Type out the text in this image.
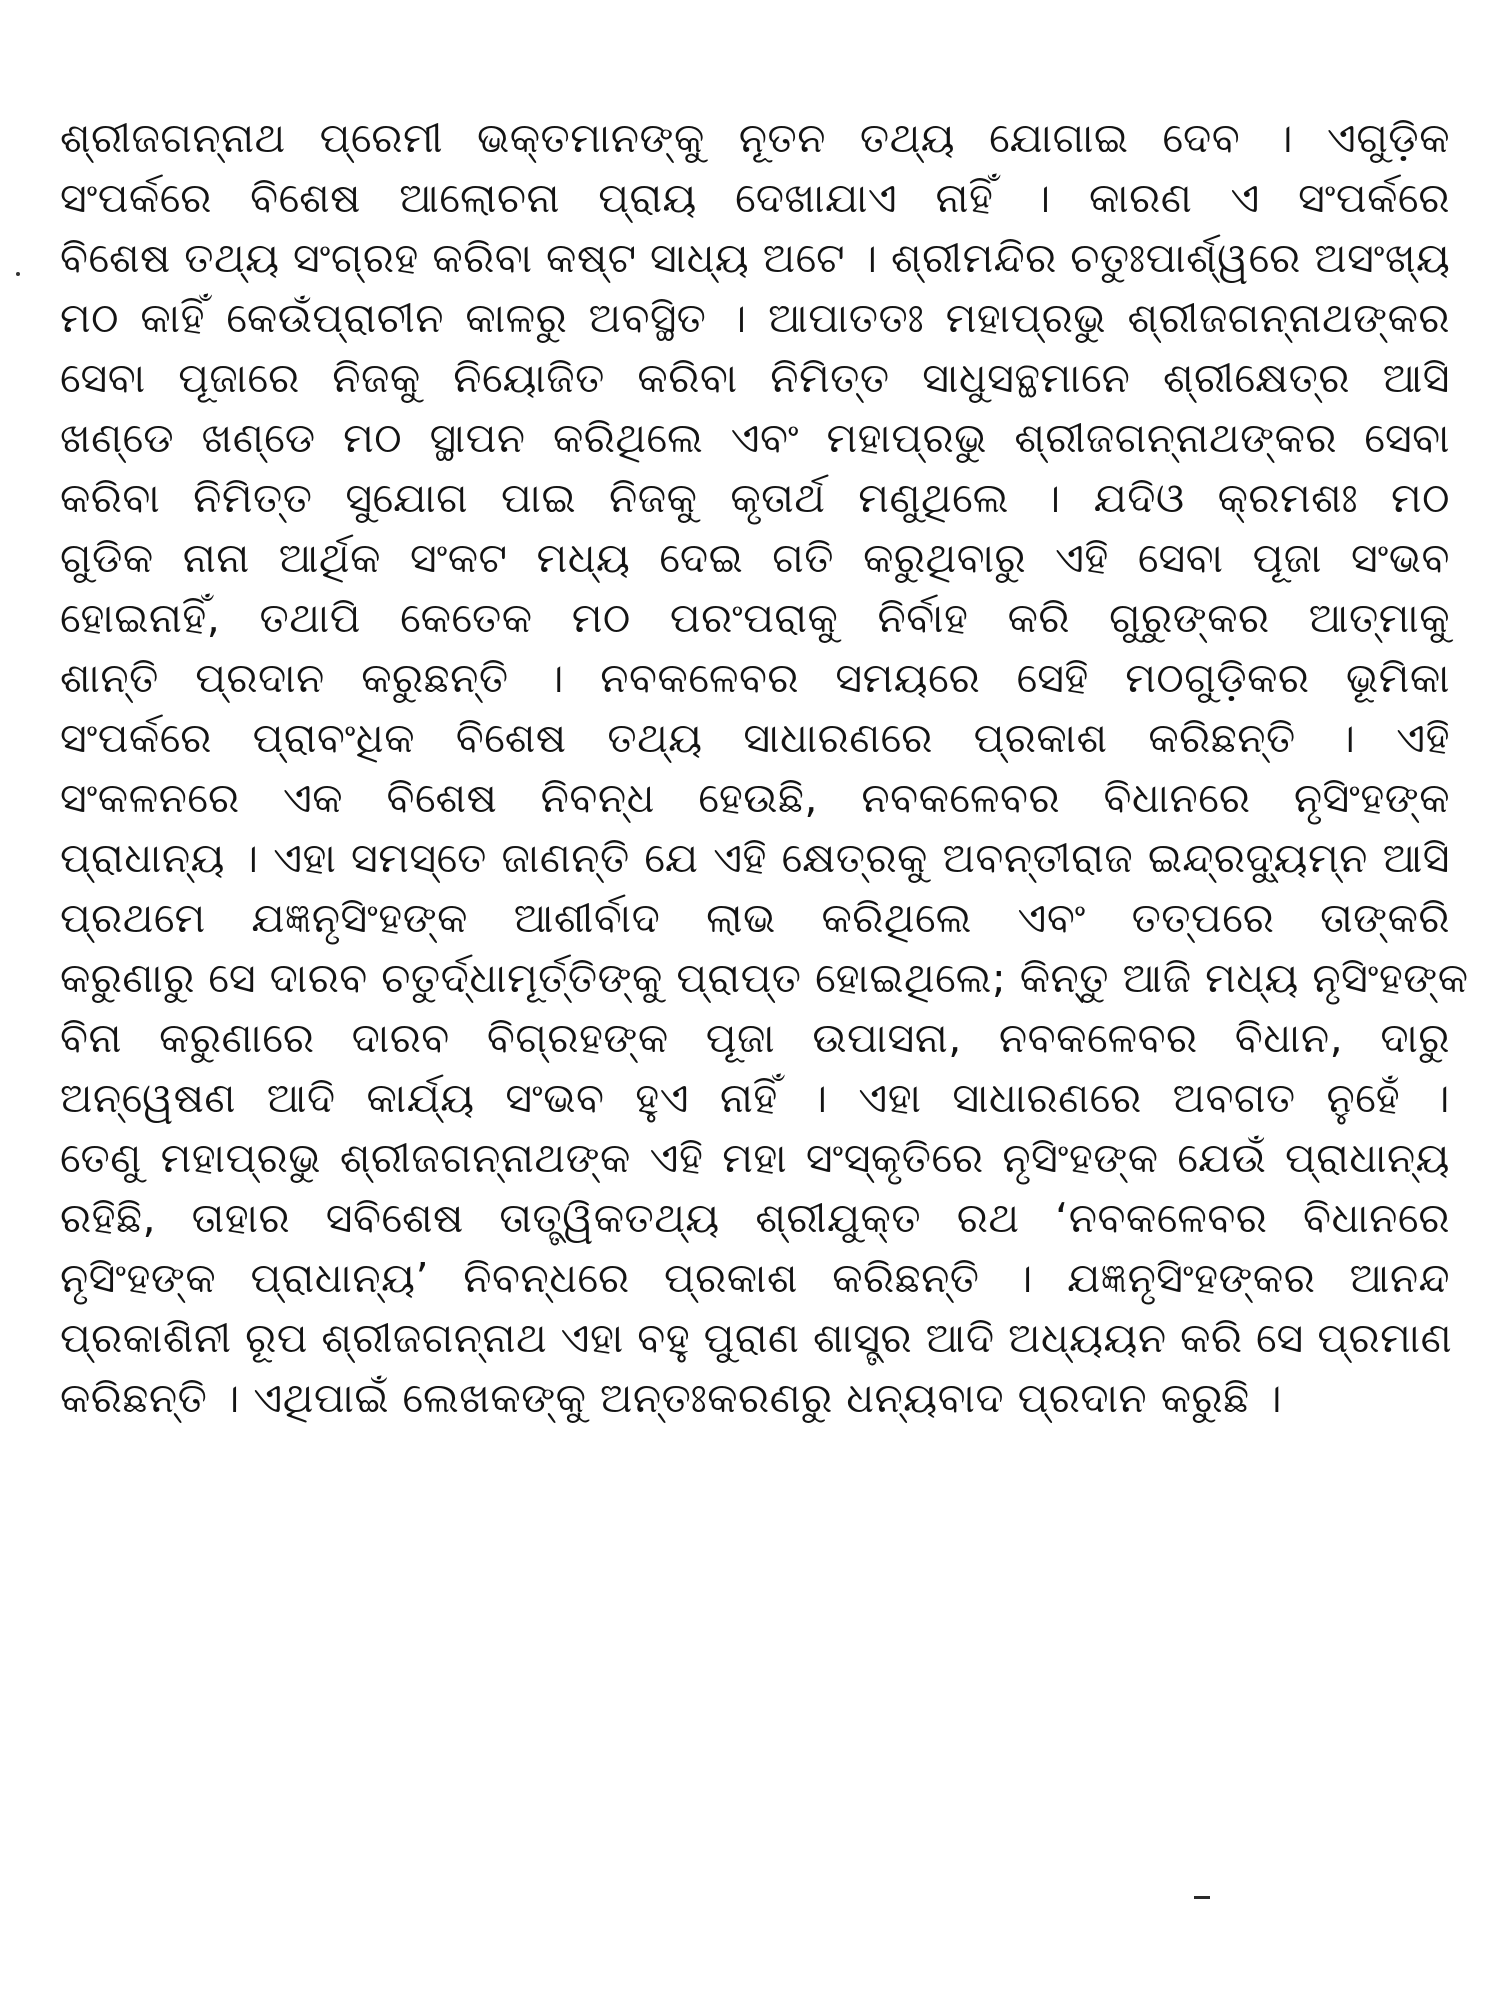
ଶ୍ରୀଜଗନ୍ନାଥ ପ୍ରେମୀ ଭକ୍ତମାନଙ୍କୁ ନୂତନ ତଥ୍ୟ ଯୋଗାଇ ଦେବ । ଏଗୁଡ଼ିକ
ସଂପର୍କରେ ବିଶେଷ ଆଲୋଚନା ପ୍ରାୟ ଦେଖାଯାଏ ନାହିଁ । କାରଣ ଏ ସଂପର୍କରେ
ବିଶେଷ ତଥ୍ୟ ସଂଗ୍ରହ କରିବା କଷ୍ଟ ସାଧ୍ୟ ଅଟେ । ଶ୍ରୀମନ୍ଦିର ଚତୁଃପାର୍ଶ୍ୱରେ ଅସଂଖ୍ୟ
ମଠ କାହିଁ କେଉଁପ୍ରାଚୀନ କାଳରୁ ଅବସ୍ଥିତ । ଆପାତତଃ ମହାପ୍ରଭୁ ଶ୍ରୀଜଗନ୍ନାଥଙ୍କର
ସେବା ପୂଜାରେ ନିଜକୁ ନିୟୋଜିତ କରିବା ନିମିତ୍ତ ସାଧୁସନ୍ଥମାନେ ଶ୍ରୀକ୍ଷେତ୍ର ଆସି
ଖଣ୍ଡେ ଖଣ୍ଡେ ମଠ ସ୍ଥାପନ କରିଥିଲେ ଏବଂ ମହାପ୍ରଭୁ ଶ୍ରୀଜଗନ୍ନାଥଙ୍କର ସେବା
କରିବା ନିମିତ୍ତ ସୁଯୋଗ ପାଇ ନିଜକୁ କୃତାର୍ଥ ମଣୁଥିଲେ । ଯଦିଓ କ୍ରମଶଃ ମଠ
ଗୁଡିକ ନାନା ଆର୍ଥିକ ସଂକଟ ମଧ୍ୟ ଦେଇ ଗତି କରୁଥିବାରୁ ଏହି ସେବା ପୂଜା ସଂଭବ
ହୋଇନାହିଁ, ତଥାପି କେତେକ ମଠ ପରଂପରାକୁ ନିର୍ବାହ କରି ଗୁରୁଙ୍କର ଆତ୍ମାକୁ
ଶାନ୍ତି ପ୍ରଦାନ କରୁଛନ୍ତି । ନବକଳେବର ସମୟରେ ସେହି ମଠଗୁଡ଼ିକର ଭୂମିକା
ସଂପର୍କରେ ପ୍ରାବଂଧିକ ବିଶେଷ ତଥ୍ୟ ସାଧାରଣରେ ପ୍ରକାଶ କରିଛନ୍ତି । ଏହି
ସଂକଳନରେ ଏକ ବିଶେଷ ନିବନ୍ଧ ହେଉଛି, ନବକଳେବର ବିଧାନରେ ନୃସିଂହଙ୍କ
ପ୍ରାଧାନ୍ୟ । ଏହା ସମସ୍ତେ ଜାଣନ୍ତି ଯେ ଏହି କ୍ଷେତ୍ରକୁ ଅବନ୍ତୀରାଜ ଇନ୍ଦ୍ରଦ୍ୟୁମ୍ନ ଆସି
ପ୍ରଥମେ ଯଜ୍ଞନୃସିଂହଙ୍କ ଆଶୀର୍ବାଦ ଲାଭ କରିଥିଲେ ଏବଂ ତତ୍‌ପରେ ତାଙ୍କରି
କରୁଣାରୁ ସେ ଦାରବ ଚତୁର୍ଦ୍ଧାମୂର୍ତ୍ତିଙ୍କୁ ପ୍ରାପ୍ତ ହୋଇଥିଲେ; କିନ୍ତୁ ଆଜି ମଧ୍ୟ ନୃସିଂହଙ୍କ
ବିନା କରୁଣାରେ ଦାରବ ବିଗ୍ରହଙ୍କ ପୂଜା ଉପାସନା, ନବକଳେବର ବିଧାନ, ଦାରୁ
ଅନ୍ୱେଷଣ ଆଦି କାର୍ଯ୍ୟ ସଂଭବ ହୁଏ ନାହିଁ । ଏହା ସାଧାରଣରେ ଅବଗତ ନୁହେଁ ।
ତେଣୁ ମହାପ୍ରଭୁ ଶ୍ରୀଜଗନ୍ନାଥଙ୍କ ଏହି ମହା ସଂସ୍କୃତିରେ ନୃସିଂହଙ୍କ ଯେଉଁ ପ୍ରାଧାନ୍ୟ
ରହିଛି, ତାହାର ସବିଶେଷ ତାତ୍ତ୍ୱିକତଥ୍ୟ ଶ୍ରୀଯୁକ୍ତ ରଥ ‘ନବକଳେବର ବିଧାନରେ
ନୃସିଂହଙ୍କ ପ୍ରାଧାନ୍ୟ’ ନିବନ୍ଧରେ ପ୍ରକାଶ କରିଛନ୍ତି । ଯଜ୍ଞନୃସିଂହଙ୍କର ଆନନ୍ଦ
ପ୍ରକାଶିନୀ ରୂପ ଶ୍ରୀଜଗନ୍ନାଥ ଏହା ବହୁ ପୁରାଣ ଶାସ୍ତ୍ର ଆଦି ଅଧ୍ୟୟନ କରି ସେ ପ୍ରମାଣ
କରିଛନ୍ତି । ଏଥିପାଇଁ ଲେଖକଙ୍କୁ ଅନ୍ତଃକରଣରୁ ଧନ୍ୟବାଦ ପ୍ରଦାନ କରୁଛି ।
